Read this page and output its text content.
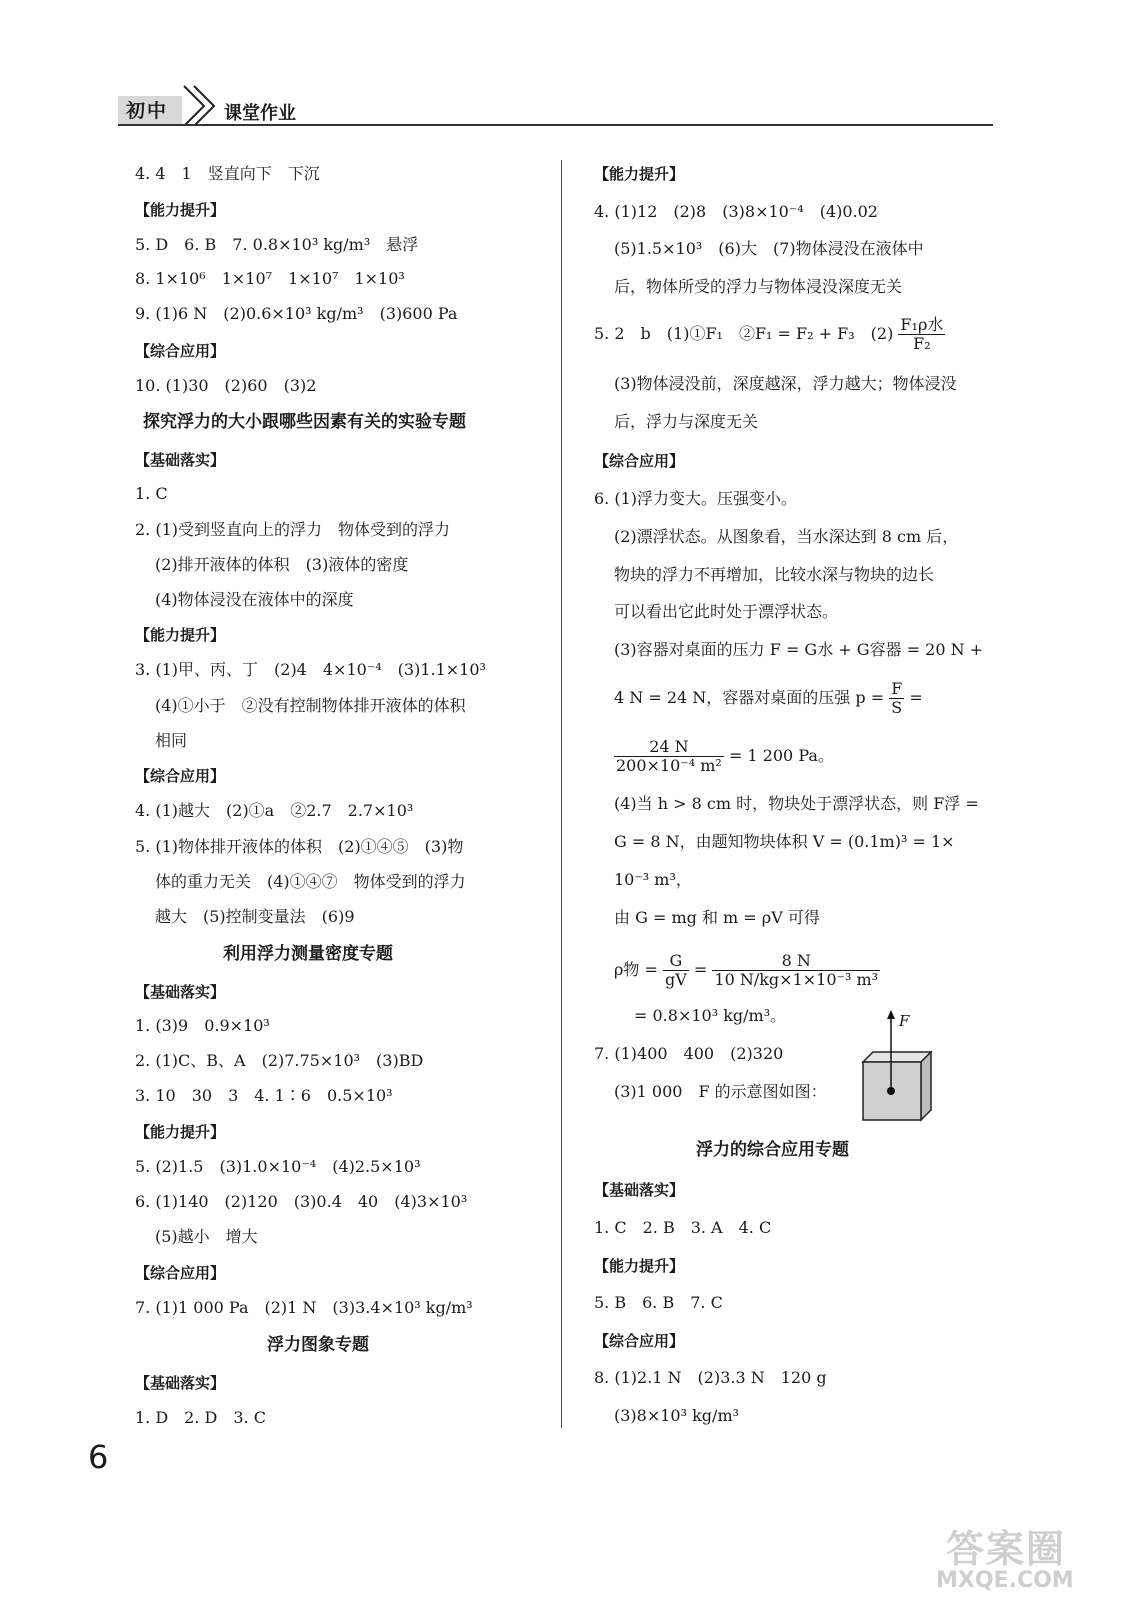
初中	课堂作业
4. 4　1　竖直向下　下沉
【能力提升】
5. D　6. B　7. 0.8×10³ kg/m³　悬浮
8. 1×10⁶　1×10⁷　1×10⁷　1×10³
9. (1)6 N　(2)0.6×10³ kg/m³　(3)600 Pa
【综合应用】
10. (1)30　(2)60　(3)2
探究浮力的大小跟哪些因素有关的实验专题
【基础落实】
1. C
2. (1)受到竖直向上的浮力　物体受到的浮力
(2)排开液体的体积　(3)液体的密度
(4)物体浸没在液体中的深度
【能力提升】
3. (1)甲、丙、丁　(2)4　4×10⁻⁴　(3)1.1×10³
(4)①小于　②没有控制物体排开液体的体积
相同
【综合应用】
4. (1)越大　(2)①a　②2.7　2.7×10³
5. (1)物体排开液体的体积　(2)①④⑤　(3)物
体的重力无关　(4)①④⑦　物体受到的浮力
越大　(5)控制变量法　(6)9
利用浮力测量密度专题
【基础落实】
1. (3)9　0.9×10³
2. (1)C、B、A　(2)7.75×10³　(3)BD
3. 10　30　3　4. 1∶6　0.5×10³
【能力提升】
5. (2)1.5　(3)1.0×10⁻⁴　(4)2.5×10³
6. (1)140　(2)120　(3)0.4　40　(4)3×10³
(5)越小　增大
【综合应用】
7. (1)1 000 Pa　(2)1 N　(3)3.4×10³ kg/m³
浮力图象专题
【基础落实】
1. D　2. D　3. C
【能力提升】
4. (1)12　(2)8　(3)8×10⁻⁴　(4)0.02
(5)1.5×10³　(6)大　(7)物体浸没在液体中
后，物体所受的浮力与物体浸没深度无关
5. 2　b　(1)①F₁　②F₁ = F₂ + F₃　$(2) \frac{\text{F₁ρ水}}{\text{F₂}}$
(3)物体浸没前，深度越深，浮力越大；物体浸没
后，浮力与深度无关
【综合应用】
6. (1)浮力变大。压强变小。
(2)漂浮状态。从图象看，当水深达到 8 cm 后，
物块的浮力不再增加，比较水深与物块的边长
可以看出它此时处于漂浮状态。
(3)容器对桌面的压力 F = G水 + G容器 = 20 N +
4 N = 24 N，容器对桌面的压强 $p = \frac{F}{S}$ =
$\frac{24 N}{\text{200×10⁻⁴ m²}} = 1$ 200 Pa。
(4)当 h > 8 cm 时，物块处于漂浮状态，则 F浮 =
G = 8 N，由题知物块体积 V = (0.1m)³ = 1×
10⁻³ m³，
由 G = mg 和 m = ρV 可得
ρ物 = $\frac{G}{gV} = \frac{8 N}{\text{10 N/kg×1×10⁻³ m³}}$
= 0.8×10³ kg/m³。
7. (1)400　400　(2)320
(3)1 000　F 的示意图如图：
浮力的综合应用专题
【基础落实】
1. C　2. B　3. A　4. C
【能力提升】
5. B　6. B　7. C
【综合应用】
8. (1)2.1 N　(2)3.3 N　120 g
(3)8×10³ kg/m³
F
6
答案圈
MXQE.COM
